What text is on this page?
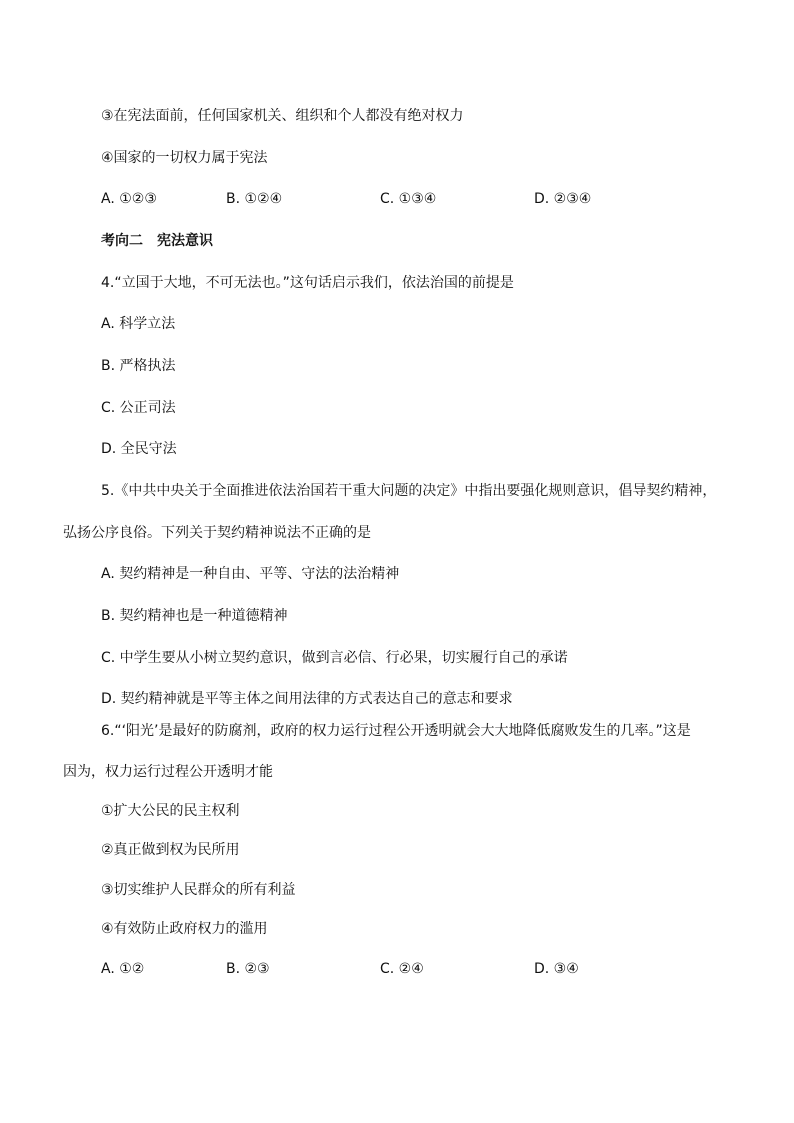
③在宪法面前，任何国家机关、组织和个人都没有绝对权力
④国家的一切权力属于宪法
A. ①②③	B. ①②④	C. ①③④	D. ②③④
考向二　宪法意识
4.“立国于大地，不可无法也。”这句话启示我们，依法治国的前提是
A. 科学立法
B. 严格执法
C. 公正司法
D. 全民守法
5.《中共中央关于全面推进依法治国若干重大问题的决定》中指出要强化规则意识，倡导契约精神，
弘扬公序良俗。下列关于契约精神说法不正确的是
A. 契约精神是一种自由、平等、守法的法治精神
B. 契约精神也是一种道德精神
C. 中学生要从小树立契约意识，做到言必信、行必果，切实履行自己的承诺
D. 契约精神就是平等主体之间用法律的方式表达自己的意志和要求
6.“‘阳光’是最好的防腐剂，政府的权力运行过程公开透明就会大大地降低腐败发生的几率。”这是
因为，权力运行过程公开透明才能
①扩大公民的民主权利
②真正做到权为民所用
③切实维护人民群众的所有利益
④有效防止政府权力的滥用
A. ①②	B. ②③	C. ②④	D. ③④
